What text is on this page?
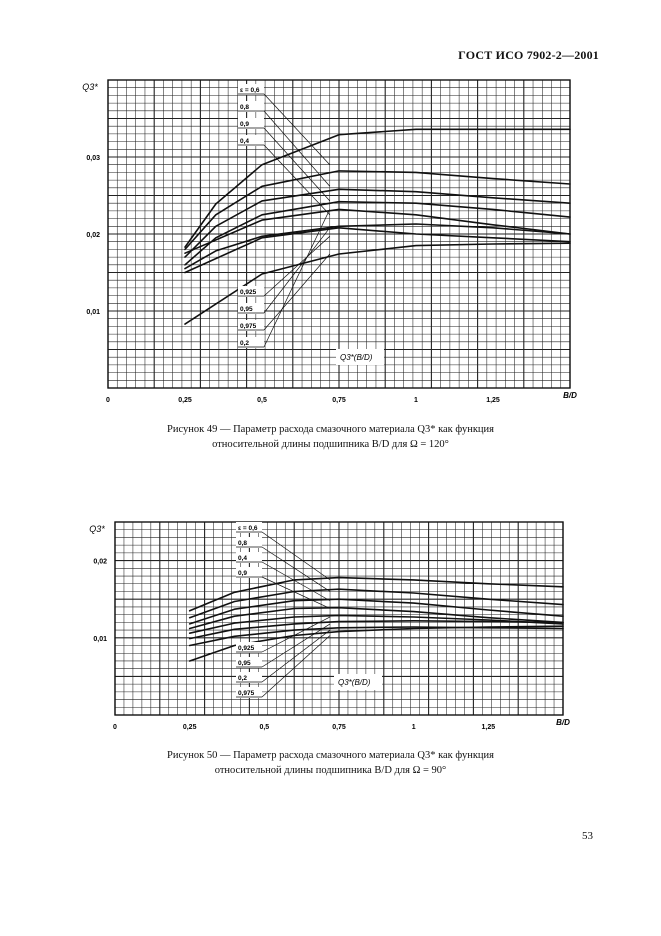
ГОСТ ИСО 7902-2—2001
0,01
0,02
0,03
0	0,25	0,5	0,75	1	1,25
Q3*
B/D
ε = 0,6
0,8
0,9
0,4
0,925
0,95
0,975
0,2
Q3*(B/D)
Рисунок 49 — Параметр расхода смазочного материала Q3* как функция
относительной длины подшипника B/D для Ω = 120°
0,01
0,02
0	0,25	0,5	0,75	1	1,25
Q3*
B/D
ε = 0,6
0,8
0,4
0,9
0,925
0,95
0,2
0,975
Q3*(B/D)
Рисунок 50 — Параметр расхода смазочного материала Q3* как функция
относительной длины подшипника B/D для Ω = 90°
53
